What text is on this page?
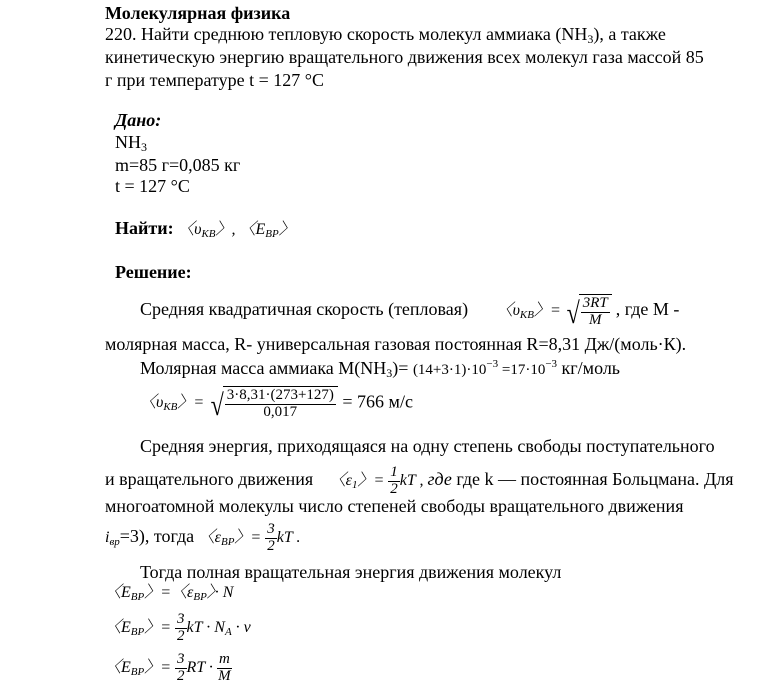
Молекулярная физика
220. Найти среднюю тепловую скорость молекул аммиака $(NH_3)$, а также
кинетическую энергию вращательного движения всех молекул газа массой 85
г при температуре t = 127 °C
Дано:
$NH_3$
m=85 г=0,085 кг
t = 127 °C
Найти: 〈υКВ〉, 〈EВР〉
Решение:
Средняя квадратичная скорость (тепловая) 〈υКВ〉= √ $\frac{3RT}{M}$ , где М -
молярная масса, R- универсальная газовая постоянная R=8,31 Дж/(моль·К).
Молярная масса аммиака $M(NH_3)= (14+3\cdot 1)\cdot 10^{-3} =17\cdot 10^{-3}$ кг/моль
〈υКВ〉= √ $\frac{3\cdot 8,31\cdot(273+127)}{0,017} = 766$ м/с
Средняя энергия, приходящаяся на одну степень свободы поступательного
и вращательного движения 〈ε1〉= $\frac{1}{2}$ kT , где где k — постоянная Больцмана. Для
многоатомной молекулы число степеней свободы вращательного движения
iвр=3), тогда 〈εВР〉= $\frac{3}{2}$ kT .
Тогда полная вращательная энергия движения молекул
〈EВР〉=〈εВР〉· N
〈EВР〉= $\frac{3}{2}$ kT · NA · ν
〈EВР〉= $\frac{3}{2}$ RT · $\frac{m}{M}$
